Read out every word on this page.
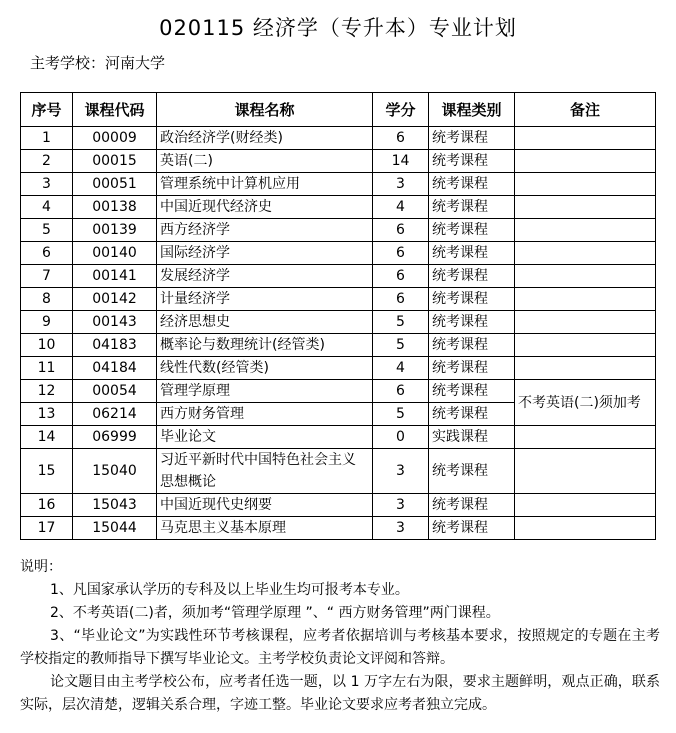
020115 经济学（专升本）专业计划
主考学校：河南大学
序号	课程代码	课程名称	学分	课程类别	备注
1	00009	政治经济学(财经类)	6	统考课程	
2	00015	英语(二)	14	统考课程	
3	00051	管理系统中计算机应用	3	统考课程	
4	00138	中国近现代经济史	4	统考课程	
5	00139	西方经济学	6	统考课程	
6	00140	国际经济学	6	统考课程	
7	00141	发展经济学	6	统考课程	
8	00142	计量经济学	6	统考课程	
9	00143	经济思想史	5	统考课程	
10	04183	概率论与数理统计(经管类)	5	统考课程	
11	04184	线性代数(经管类)	4	统考课程	
12	00054	管理学原理	6	统考课程	不考英语(二)须加考
13	06214	西方财务管理	5	统考课程	
14	06999	毕业论文	0	实践课程	
15	15040	习近平新时代中国特色社会主义思想概论	3	统考课程	
16	15043	中国近现代史纲要	3	统考课程	
17	15044	马克思主义基本原理	3	统考课程	

说明：

1、凡国家承认学历的专科及以上毕业生均可报考本专业。

2、不考英语(二)者，须加考“管理学原理 ”、“ 西方财务管理”两门课程。

3、“毕业论文”为实践性环节考核课程，应考者依据培训与考核基本要求，按照规定的专题在主考学校指定的教师指导下撰写毕业论文。主考学校负责论文评阅和答辩。

论文题目由主考学校公布，应考者任选一题，以 1 万字左右为限，要求主题鲜明，观点正确，联系实际，层次清楚，逻辑关系合理，字迹工整。毕业论文要求应考者独立完成。
